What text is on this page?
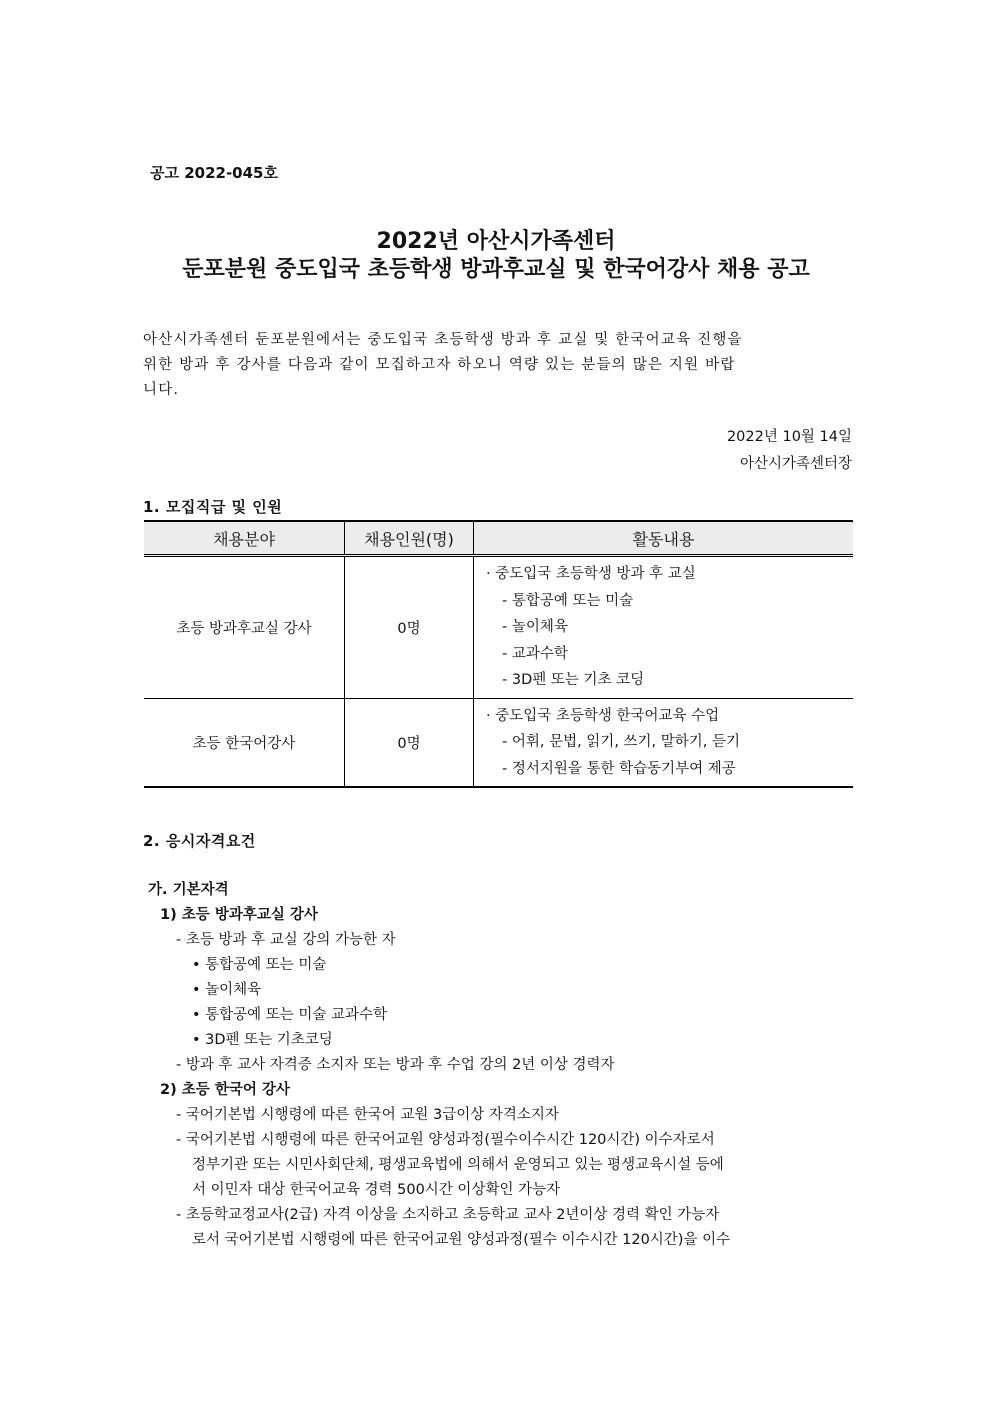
공고 2022-045호
2022년 아산시가족센터
둔포분원 중도입국 초등학생 방과후교실 및 한국어강사 채용 공고
아산시가족센터 둔포분원에서는 중도입국 초등학생 방과 후 교실 및 한국어교육 진행을
위한 방과 후 강사를 다음과 같이 모집하고자 하오니 역량 있는 분들의 많은 지원 바랍
니다.
2022년 10월 14일
아산시가족센터장
1. 모집직급 및 인원
채용분야	채용인원(명)	활동내용
초등 방과후교실 강사	0명	· 중도입국 초등학생 방과 후 교실
- 통합공예 또는 미술
- 놀이체육
- 교과수학
- 3D펜 또는 기초 코딩

초등 한국어강사	0명	· 중도입국 초등학생 한국어교육 수업
- 어휘, 문법, 읽기, 쓰기, 말하기, 듣기
- 정서지원을 통한 학습동기부여 제공
2. 응시자격요건
가. 기본자격
1) 초등 방과후교실 강사
- 초등 방과 후 교실 강의 가능한 자
• 통합공예 또는 미술
• 놀이체육
• 통합공예 또는 미술 교과수학
• 3D펜 또는 기초코딩
- 방과 후 교사 자격증 소지자 또는 방과 후 수업 강의 2년 이상 경력자
2) 초등 한국어 강사
- 국어기본법 시행령에 따른 한국어 교원 3급이상 자격소지자
- 국어기본법 시행령에 따른 한국어교원 양성과정(필수이수시간 120시간) 이수자로서
정부기관 또는 시민사회단체, 평생교육법에 의해서 운영되고 있는 평생교육시설 등에
서 이민자 대상 한국어교육 경력 500시간 이상확인 가능자
- 초등학교정교사(2급) 자격 이상을 소지하고 초등학교 교사 2년이상 경력 확인 가능자
로서 국어기본법 시행령에 따른 한국어교원 양성과정(필수 이수시간 120시간)을 이수
